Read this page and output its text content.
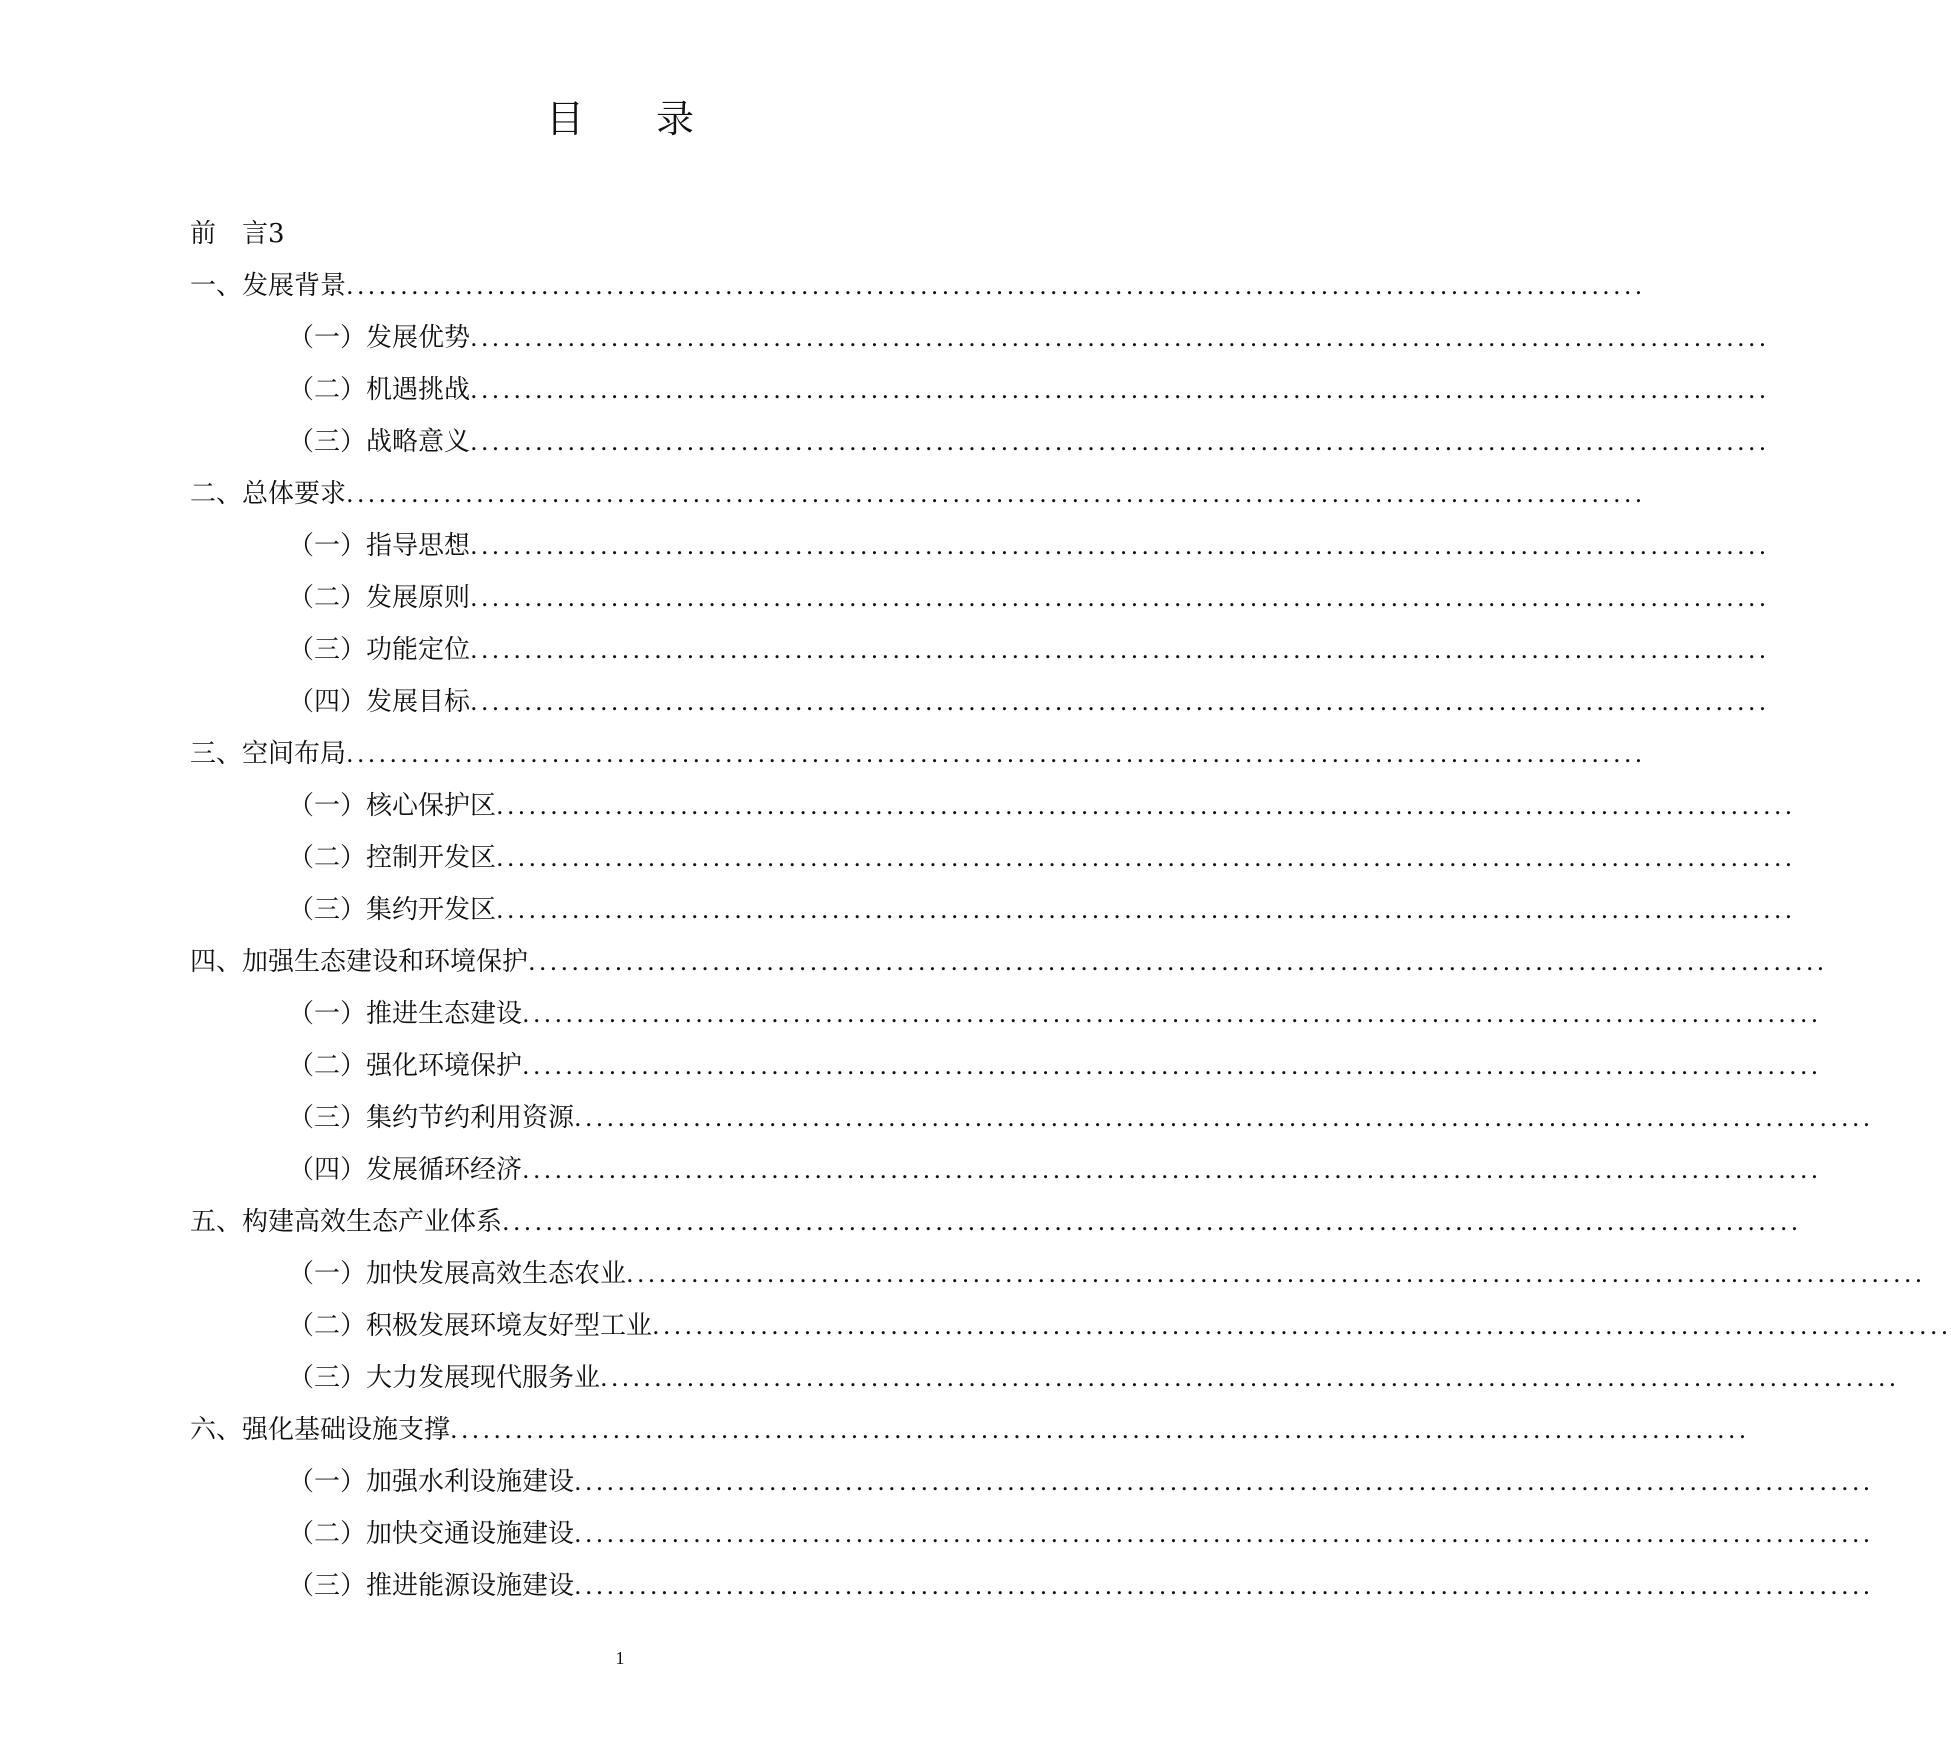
目 录
前　言3
一、发展背景........................................................................................................................
（一）发展优势........................................................................................................................
（二）机遇挑战........................................................................................................................
（三）战略意义........................................................................................................................
二、总体要求........................................................................................................................
（一）指导思想........................................................................................................................
（二）发展原则........................................................................................................................
（三）功能定位........................................................................................................................
（四）发展目标........................................................................................................................
三、空间布局........................................................................................................................
（一）核心保护区........................................................................................................................
（二）控制开发区........................................................................................................................
（三）集约开发区........................................................................................................................
四、加强生态建设和环境保护........................................................................................................................
（一）推进生态建设........................................................................................................................
（二）强化环境保护........................................................................................................................
（三）集约节约利用资源........................................................................................................................
（四）发展循环经济........................................................................................................................
五、构建高效生态产业体系........................................................................................................................
（一）加快发展高效生态农业........................................................................................................................
（二）积极发展环境友好型工业........................................................................................................................
（三）大力发展现代服务业........................................................................................................................
六、强化基础设施支撑........................................................................................................................
（一）加强水利设施建设........................................................................................................................
（二）加快交通设施建设........................................................................................................................
（三）推进能源设施建设........................................................................................................................
1
